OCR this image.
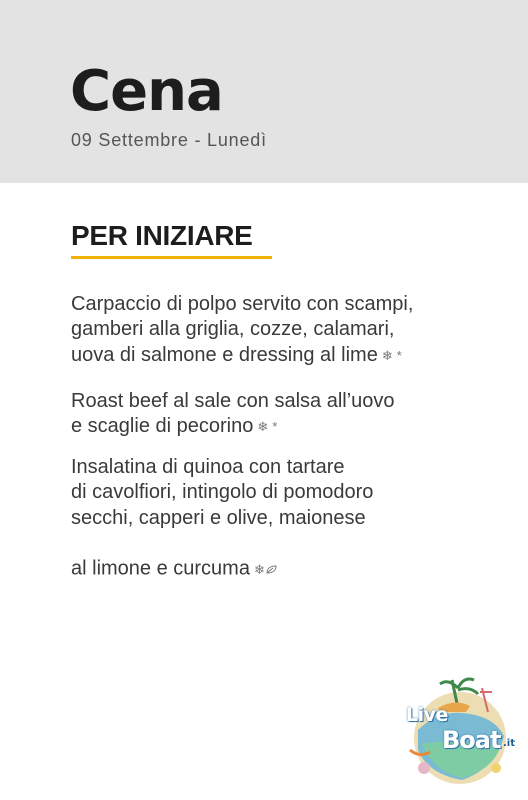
Cena
09 Settembre - Lunedì
PER INIZIARE

Carpaccio di polpo servito con scampi,
gamberi alla griglia, cozze, calamari,
uova di salmone e dressing al lime ❄ *

Roast beef al sale con salsa all’uovo
e scaglie di pecorino ❄ *

Insalatina di quinoa con tartare
di cavolfiori, intingolo di pomodoro
secchi, capperi e olive, maionese
al limone e curcuma ❄

Live
Boat .it
